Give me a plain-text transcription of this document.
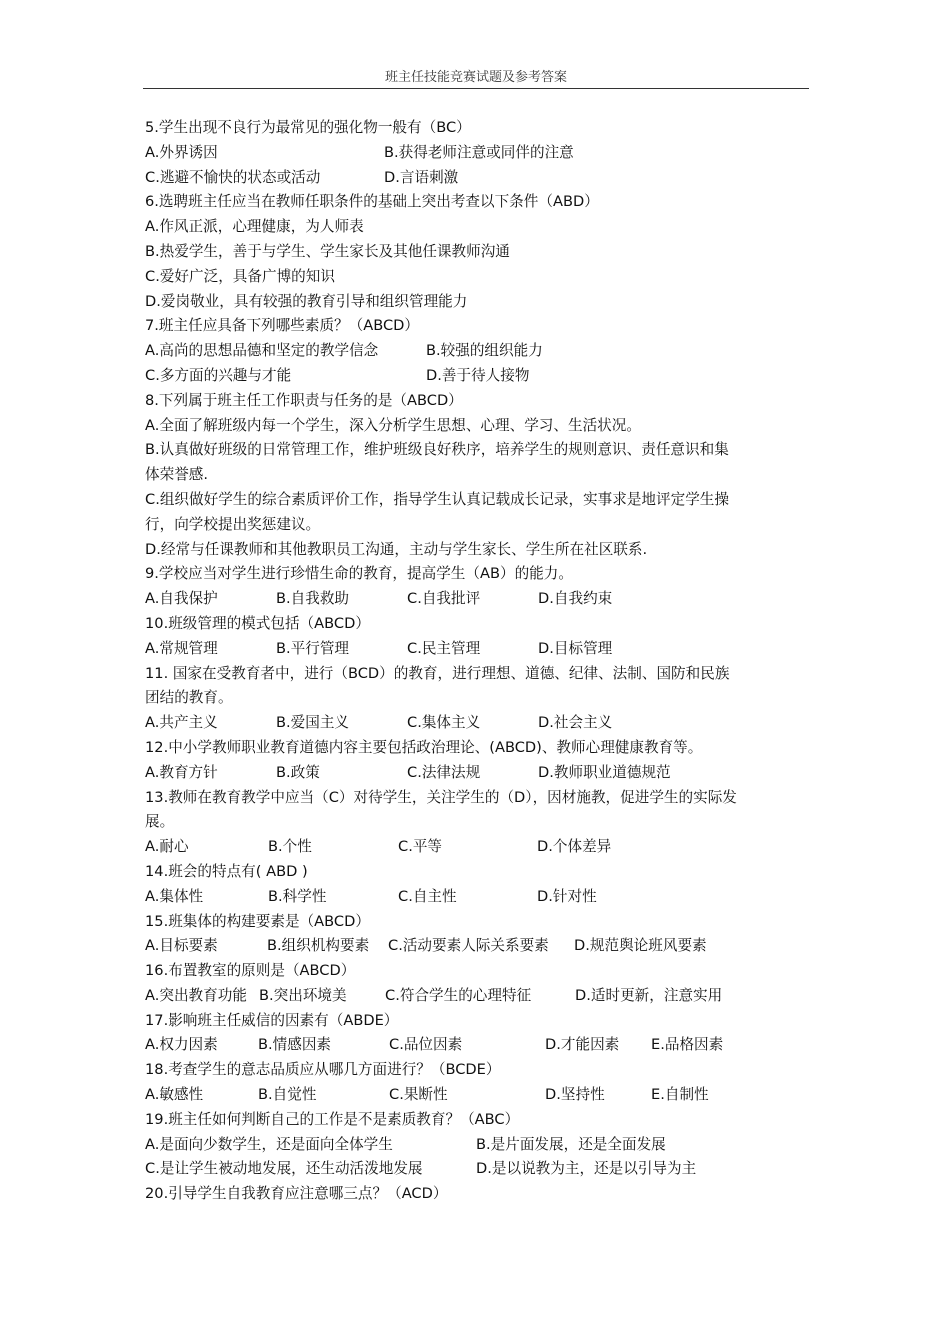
班主任技能竞赛试题及参考答案
5.学生出现不良行为最常见的强化物一般有（BC）
A.外界诱因	B.获得老师注意或同伴的注意
C.逃避不愉快的状态或活动	D.言语刺激
6.选聘班主任应当在教师任职条件的基础上突出考查以下条件（ABD）
A.作风正派，心理健康，为人师表
B.热爱学生，善于与学生、学生家长及其他任课教师沟通
C.爱好广泛，具备广博的知识
D.爱岗敬业，具有较强的教育引导和组织管理能力
7.班主任应具备下列哪些素质？（ABCD）
A.高尚的思想品德和坚定的教学信念	B.较强的组织能力
C.多方面的兴趣与才能	D.善于待人接物
8.下列属于班主任工作职责与任务的是（ABCD）
A.全面了解班级内每一个学生，深入分析学生思想、心理、学习、生活状况。
B.认真做好班级的日常管理工作，维护班级良好秩序，培养学生的规则意识、责任意识和集
体荣誉感.
C.组织做好学生的综合素质评价工作，指导学生认真记载成长记录，实事求是地评定学生操
行，向学校提出奖惩建议。
D.经常与任课教师和其他教职员工沟通，主动与学生家长、学生所在社区联系.
9.学校应当对学生进行珍惜生命的教育，提高学生（AB）的能力。
A.自我保护	B.自我救助	C.自我批评	D.自我约束
10.班级管理的模式包括（ABCD）
A.常规管理	B.平行管理	C.民主管理	D.目标管理
11. 国家在受教育者中，进行（BCD）的教育，进行理想、道德、纪律、法制、国防和民族
团结的教育。
A.共产主义	B.爱国主义	C.集体主义	D.社会主义
12.中小学教师职业教育道德内容主要包括政治理论、(ABCD)、教师心理健康教育等。
A.教育方针	B.政策	C.法律法规	D.教师职业道德规范
13.教师在教育教学中应当（C）对待学生，关注学生的（D），因材施教，促进学生的实际发
展。
A.耐心	B.个性	C.平等	D.个体差异
14.班会的特点有( ABD )
A.集体性	B.科学性	C.自主性	D.针对性
15.班集体的构建要素是（ABCD）
A.目标要素	B.组织机构要素	C.活动要素人际关系要素	D.规范舆论班风要素
16.布置教室的原则是（ABCD）
A.突出教育功能 B.突出环境美	C.符合学生的心理特征	D.适时更新，注意实用
17.影响班主任威信的因素有（ABDE）
A.权力因素	B.情感因素	C.品位因素	D.才能因素	E.品格因素
18.考查学生的意志品质应从哪几方面进行？（BCDE）
A.敏感性	B.自觉性	C.果断性	D.坚持性	E.自制性
19.班主任如何判断自己的工作是不是素质教育？（ABC）
A.是面向少数学生，还是面向全体学生	B.是片面发展，还是全面发展
C.是让学生被动地发展，还生动活泼地发展	D.是以说教为主，还是以引导为主
20.引导学生自我教育应注意哪三点？（ACD）
